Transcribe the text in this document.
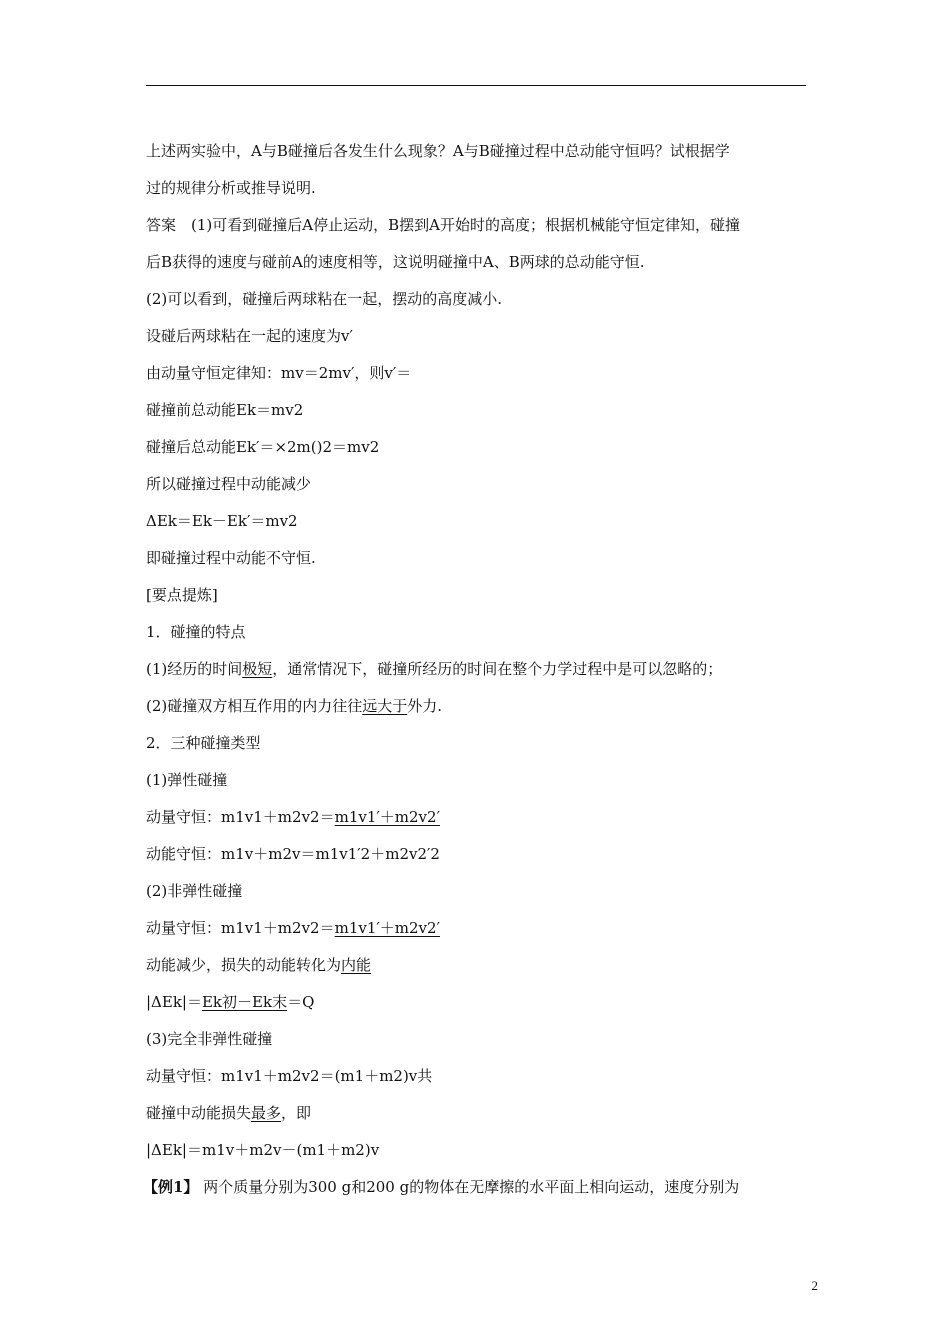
上述两实验中，A与B碰撞后各发生什么现象？A与B碰撞过程中总动能守恒吗？试根据学
过的规律分析或推导说明.
答案　 (1)可看到碰撞后A停止运动，B摆到A开始时的高度；根据机械能守恒定律知，碰撞
后B获得的速度与碰前A的速度相等，这说明碰撞中A、B两球的总动能守恒.
(2)可以看到，碰撞后两球粘在一起，摆动的高度减小.
设碰后两球粘在一起的速度为v′
由动量守恒定律知：mv＝2mv′，则v′＝
碰撞前总动能Ek＝mv2
碰撞后总动能Ek′＝×2m()2＝mv2
所以碰撞过程中动能减少
ΔEk＝Ek－Ek′＝mv2
即碰撞过程中动能不守恒.
[要点提炼]
1．碰撞的特点
(1)经历的时间极短，通常情况下，碰撞所经历的时间在整个力学过程中是可以忽略的；
(2)碰撞双方相互作用的内力往往远大于外力.
2．三种碰撞类型
(1)弹性碰撞
动量守恒：m1v1＋m2v2＝m1v1′＋m2v2′
动能守恒：m1v＋m2v＝m1v1′2＋m2v2′2
(2)非弹性碰撞
动量守恒：m1v1＋m2v2＝m1v1′＋m2v2′
动能减少，损失的动能转化为内能
|ΔEk|＝Ek初－Ek末＝Q
(3)完全非弹性碰撞
动量守恒：m1v1＋m2v2＝(m1＋m2)v共
碰撞中动能损失最多，即
|ΔEk|＝m1v＋m2v－(m1＋m2)v
【例1】 两个质量分别为300 g和200 g的物体在无摩擦的水平面上相向运动，速度分别为
2
